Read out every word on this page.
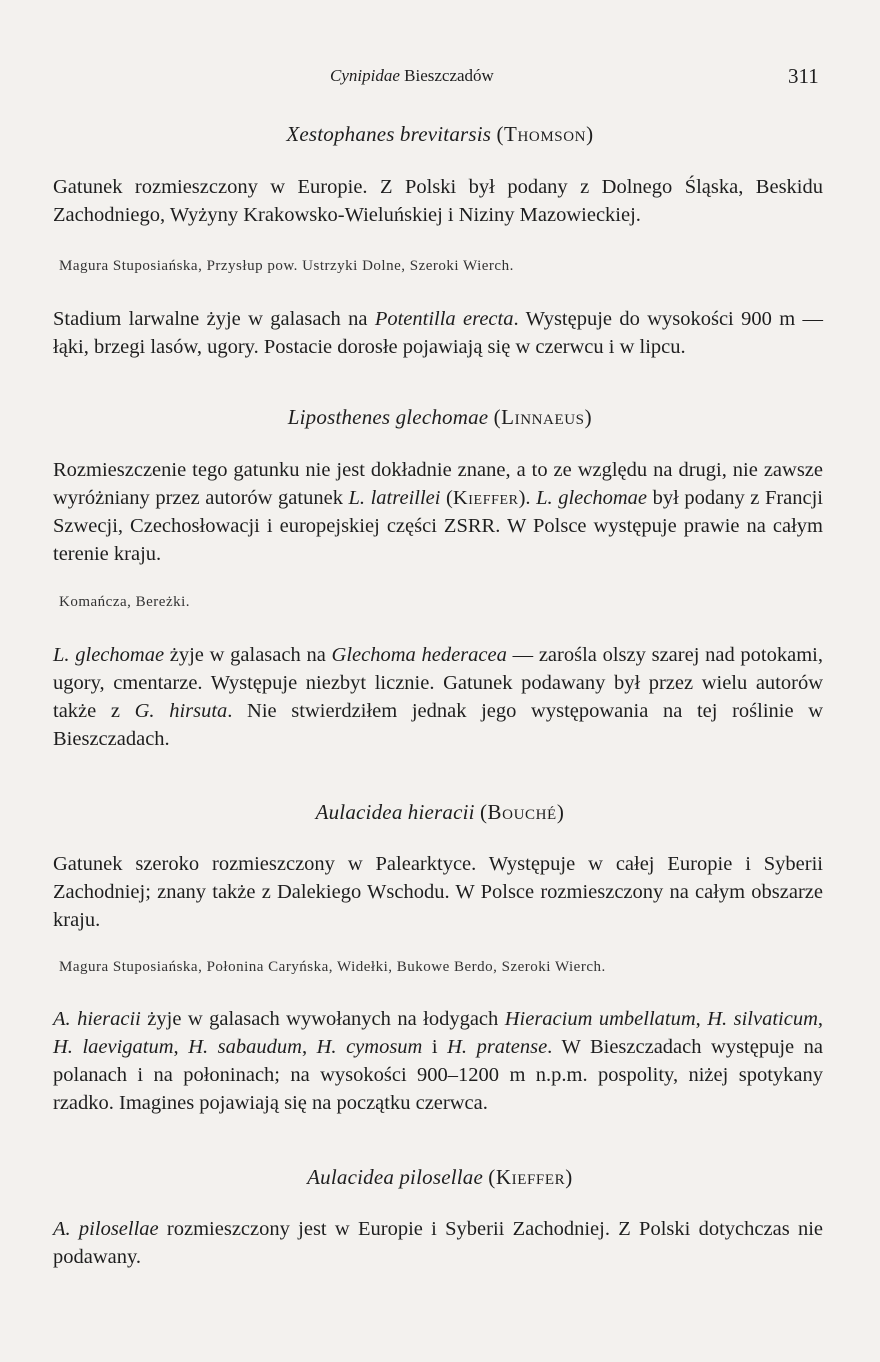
Cynipidae Bieszczadów	311
Xestophanes brevitarsis (Thomson)

Gatunek rozmieszczony w Europie. Z Polski był podany z Dolnego Śląska, Beskidu Zachodniego, Wyżyny Krakowsko-Wieluńskiej i Niziny Mazowieckiej.

Magura Stuposiańska, Przysłup pow. Ustrzyki Dolne, Szeroki Wierch.

Stadium larwalne żyje w galasach na Potentilla erecta. Występuje do wysokości 900 m — łąki, brzegi lasów, ugory. Postacie dorosłe pojawiają się w czerwcu i w lipcu.

Liposthenes glechomae (Linnaeus)

Rozmieszczenie tego gatunku nie jest dokładnie znane, a to ze względu na drugi, nie zawsze wyróżniany przez autorów gatunek L. latreillei (Kieffer). L. glechomae był podany z Francji Szwecji, Czechosłowacji i europejskiej części ZSRR. W Polsce występuje prawie na całym terenie kraju.

Komańcza, Bereżki.

L. glechomae żyje w galasach na Glechoma hederacea — zarośla olszy szarej nad potokami, ugory, cmentarze. Występuje niezbyt licznie. Gatunek podawany był przez wielu autorów także z G. hirsuta. Nie stwierdziłem jednak jego występowania na tej roślinie w Bieszczadach.

Aulacidea hieracii (Bouché)

Gatunek szeroko rozmieszczony w Palearktyce. Występuje w całej Europie i Syberii Zachodniej; znany także z Dalekiego Wschodu. W Polsce rozmieszczony na całym obszarze kraju.

Magura Stuposiańska, Połonina Caryńska, Widełki, Bukowe Berdo, Szeroki Wierch.

A. hieracii żyje w galasach wywołanych na łodygach Hieracium umbellatum, H. silvaticum, H. laevigatum, H. sabaudum, H. cymosum i H. pratense. W Bieszczadach występuje na polanach i na połoninach; na wysokości 900–1200 m n.p.m. pospolity, niżej spotykany rzadko. Imagines pojawiają się na początku czerwca.

Aulacidea pilosellae (Kieffer)

A. pilosellae rozmieszczony jest w Europie i Syberii Zachodniej. Z Polski dotychczas nie podawany.
